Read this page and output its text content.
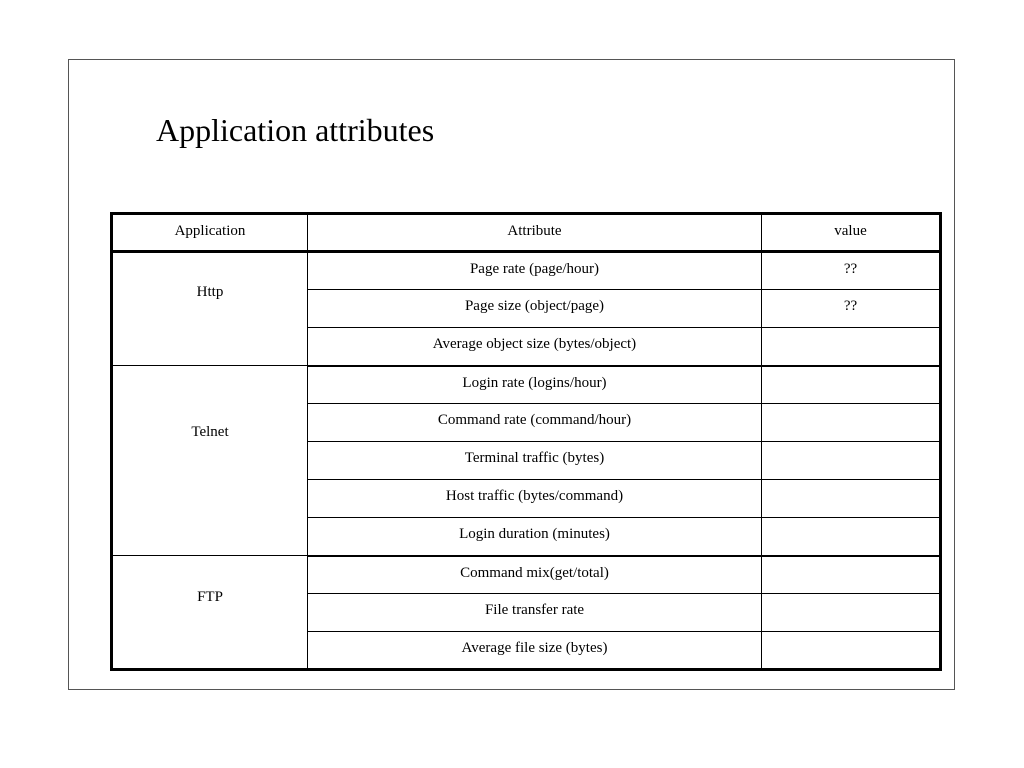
Application attributes
Application	Attribute	value
Http	Page rate (page/hour)	??
	Page size (object/page)	??
	Average object size (bytes/object)	
Telnet	Login rate (logins/hour)	
	Command rate (command/hour)	
	Terminal traffic (bytes)	
	Host traffic (bytes/command)	
	Login duration (minutes)	
FTP	Command mix(get/total)	
	File transfer rate	
	Average file size (bytes)	
